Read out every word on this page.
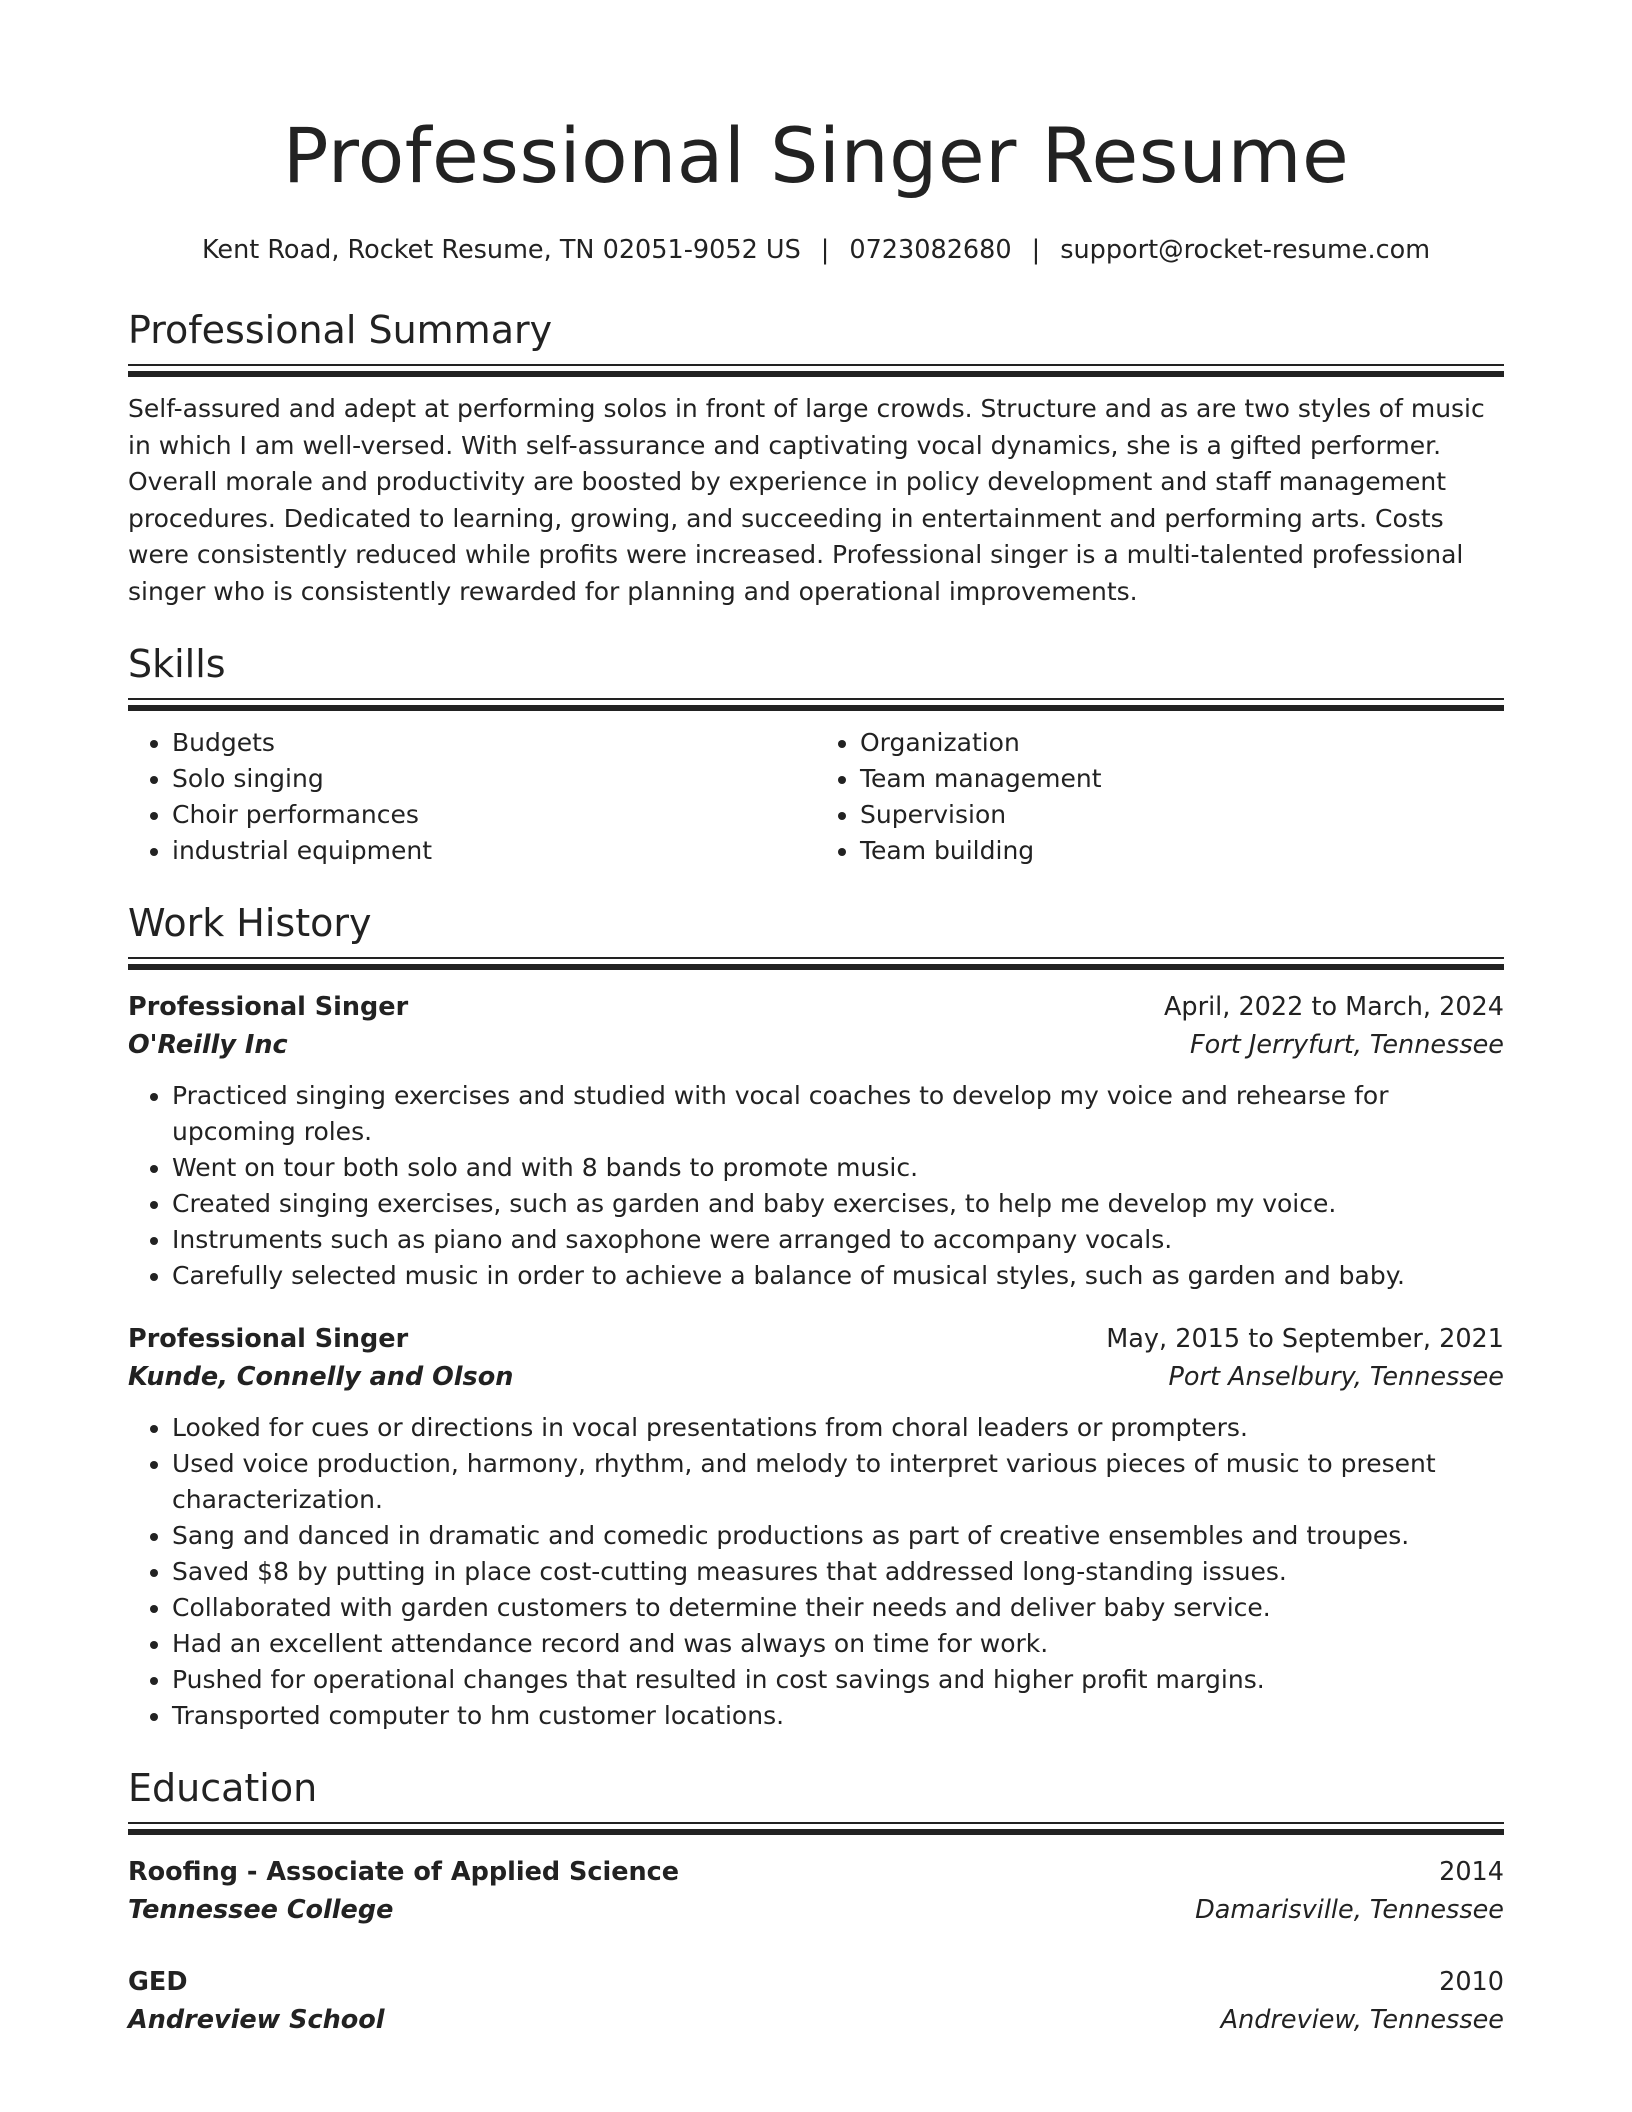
Professional Singer Resume
Kent Road, Rocket Resume, TN 02051-9052 US | 0723082680 | support@rocket-resume.com
Professional Summary
Self-assured and adept at performing solos in front of large crowds. Structure and as are two styles of music in which I am well-versed. With self-assurance and captivating vocal dynamics, she is a gifted performer. Overall morale and productivity are boosted by experience in policy development and staff management procedures. Dedicated to learning, growing, and succeeding in entertainment and performing arts. Costs were consistently reduced while profits were increased. Professional singer is a multi-talented professional singer who is consistently rewarded for planning and operational improvements.
Skills
• Budgets
• Solo singing
• Choir performances
• industrial equipment
• Organization
• Team management
• Supervision
• Team building
Work History
Professional Singer	April, 2022 to March, 2024
O'Reilly Inc	Fort Jerryfurt, Tennessee
• Practiced singing exercises and studied with vocal coaches to develop my voice and rehearse for upcoming roles.
• Went on tour both solo and with 8 bands to promote music.
• Created singing exercises, such as garden and baby exercises, to help me develop my voice.
• Instruments such as piano and saxophone were arranged to accompany vocals.
• Carefully selected music in order to achieve a balance of musical styles, such as garden and baby.
Professional Singer	May, 2015 to September, 2021
Kunde, Connelly and Olson	Port Anselbury, Tennessee
• Looked for cues or directions in vocal presentations from choral leaders or prompters.
• Used voice production, harmony, rhythm, and melody to interpret various pieces of music to present characterization.
• Sang and danced in dramatic and comedic productions as part of creative ensembles and troupes.
• Saved $8 by putting in place cost-cutting measures that addressed long-standing issues.
• Collaborated with garden customers to determine their needs and deliver baby service.
• Had an excellent attendance record and was always on time for work.
• Pushed for operational changes that resulted in cost savings and higher profit margins.
• Transported computer to hm customer locations.
Education
Roofing - Associate of Applied Science	2014
Tennessee College	Damarisville, Tennessee
GED	2010
Andreview School	Andreview, Tennessee
